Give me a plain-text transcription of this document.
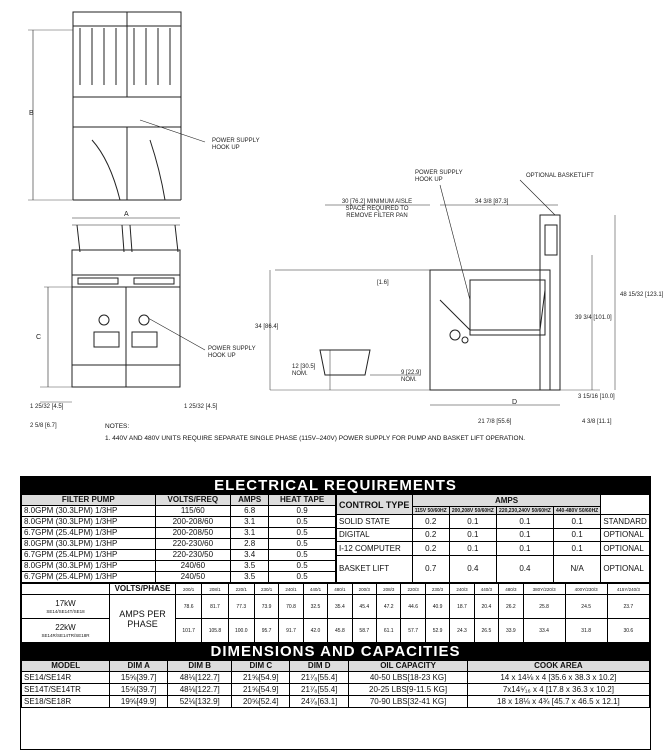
POWER SUPPLY HOOK UP
POWER SUPPLY HOOK UP
POWER SUPPLY HOOK UP
OPTIONAL BASKETLIFT
30 [76.2] MINIMUM AISLE SPACE REQUIRED TO REMOVE FILTER PAN
34 3/8 [87.3]
48 15/32 [123.1]
39 3/4 [101.0]
34 [86.4]
12 [30.5] NOM.	9 [22.9] NOM.
[1.6]
21 7/8 [55.6]
3 15/16 [10.0]
4 3/8 [11.1]
1 25/32 [4.5]	1 25/32 [4.5]
2 5/8 [6.7]
A
B
C
D
NOTES:
1. 440V AND 480V UNITS REQUIRE SEPARATE SINGLE PHASE (115V–240V) POWER SUPPLY FOR PUMP AND BASKET LIFT OPERATION.
ELECTRICAL REQUIREMENTS
FILTER PUMP	VOLTS/FREQ	AMPS	HEAT TAPE
8.0GPM (30.3LPM) 1/3HP	115/60	6.8	0.9
8.0GPM (30.3LPM) 1/3HP	200-208/60	3.1	0.5
6.7GPM (25.4LPM) 1/3HP	200-208/50	3.1	0.5
8.0GPM (30.3LPM) 1/3HP	220-230/60	2.8	0.5
6.7GPM (25.4LPM) 1/3HP	220-230/50	3.4	0.5
8.0GPM (30.3LPM) 1/3HP	240/60	3.5	0.5
6.7GPM (25.4LPM) 1/3HP	240/50	3.5	0.5
CONTROL TYPE	AMPS				
	115V 50/60HZ	200,208V 50/60HZ	220,230,240V 50/60HZ	440-480V 50/60HZ	
SOLID STATE	0.2	0.1	0.1	0.1	STANDARD
DIGITAL	0.2	0.1	0.1	0.1	OPTIONAL
I-12 COMPUTER	0.2	0.1	0.1	0.1	OPTIONAL
BASKET LIFT	0.7	0.4	0.4	N/A	OPTIONAL
	VOLTS/PHASE	200/1	208/1	220/1	230/1	240/1	440/1	480/1	200/3	208/3	220/3	230/3	240/3	440/3	480/3	380Y/220/3	400Y/230/3	415Y/240/3

17kW
SE14/SE14T/SE18	AMPS PER PHASE	78.6	81.7	77.3	73.9	70.8	32.5	35.4	45.4	47.2	44.6	40.9	18.7	20.4	26.2	25.8	24.5	23.7

22kW
SE14R/SE14TR/SE18R		101.7	105.8	100.0	95.7	91.7	42.0	45.8	58.7	61.1	57.7	52.9	24.3	26.5	33.9	33.4	31.8	30.6
DIMENSIONS AND CAPACITIES
MODEL	DIM A	DIM B	DIM C	DIM D	OIL CAPACITY	COOK AREA
SE14/SE14R	15⅝[39.7]	48⅛[122.7]	21⅝[54.9]	21⁷⁄₈[55.4]	40-50 LBS[18-23 KG]	14 x 14⅛ x 4 [35.6 x 38.3 x 10.2]
SE14T/SE14TR	15⅝[39.7]	48⅛[122.7]	21⅝[54.9]	21⁷⁄₈[55.4]	20-25 LBS[9-11.5 KG]	7x14⁵⁄₁₆ x 4 [17.8 x 36.3 x 10.2]
SE18/SE18R	19⅝[49.9]	52⅛[132.9]	20⅝[52.4]	24⁷⁄₈[63.1]	70-90 LBS[32-41 KG]	18 x 18⅛ x 4¾ [45.7 x 46.5 x 12.1]
